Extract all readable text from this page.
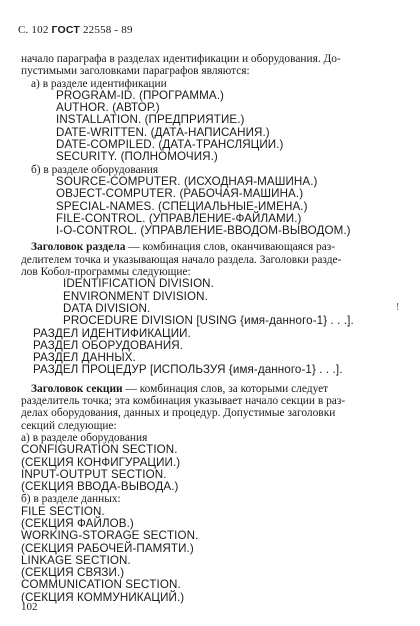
С. 102 ГОСТ 22558 - 89
начало параграфа в разделах идентификации и оборудования. До-
пустимыми заголовками параграфов являются:
а) в разделе идентификации
PROGRAM-ID. (ПРОГРАММА.)
AUTHOR. (АВТОР.)
INSTALLATION. (ПРЕДПРИЯТИЕ.)
DATE-WRITTEN. (ДАТА-НАПИСАНИЯ.)
DATE-COMPILED. (ДАТА-ТРАНСЛЯЦИИ.)
SECURITY. (ПОЛНОМОЧИЯ.)
б) в разделе оборудования
SOURCE-COMPUTER. (ИСХОДНАЯ-МАШИНА.)
OBJECT-COMPUTER. (РАБОЧАЯ-МАШИНА.)
SPECIAL-NAMES. (СПЕЦИАЛЬНЫЕ-ИМЕНА.)
FILE-CONTROL. (УПРАВЛЕНИЕ-ФАЙЛАМИ.)
I-O-CONTROL. (УПРАВЛЕНИЕ-ВВОДОМ-ВЫВОДОМ.)
Заголовок раздела — комбинация слов, оканчивающаяся раз-
делителем точка и указывающая начало раздела. Заголовки разде-
лов Кобол-программы следующие:
IDENTIFICATION DIVISION.
ENVIRONMENT DIVISION.
DATA DIVISION.
PROCEDURE DIVISION [USING {имя-данного-1} . . .].
РАЗДЕЛ ИДЕНТИФИКАЦИИ.
РАЗДЕЛ ОБОРУДОВАНИЯ.
РАЗДЕЛ ДАННЫХ.
РАЗДЕЛ ПРОЦЕДУР [ИСПОЛЬЗУЯ {имя-данного-1} . . .].
Заголовок секции — комбинация слов, за которыми следует
разделитель точка; эта комбинация указывает начало секции в раз-
делах оборудования, данных и процедур. Допустимые заголовки
секций следующие:
а) в разделе оборудования
CONFIGURATION SECTION.
(СЕКЦИЯ КОНФИГУРАЦИИ.)
INPUT-OUTPUT SECTION.
(СЕКЦИЯ ВВОДА-ВЫВОДА.)
б) в разделе данных:
FILE SECTION.
(СЕКЦИЯ ФАЙЛОВ.)
WORKING-STORAGE SECTION.
(СЕКЦИЯ РАБОЧЕЙ-ПАМЯТИ.)
LINKAGE SECTION.
(СЕКЦИЯ СВЯЗИ.)
COMMUNICATION SECTION.
(СЕКЦИЯ КОММУНИКАЦИЙ.)
!
102
